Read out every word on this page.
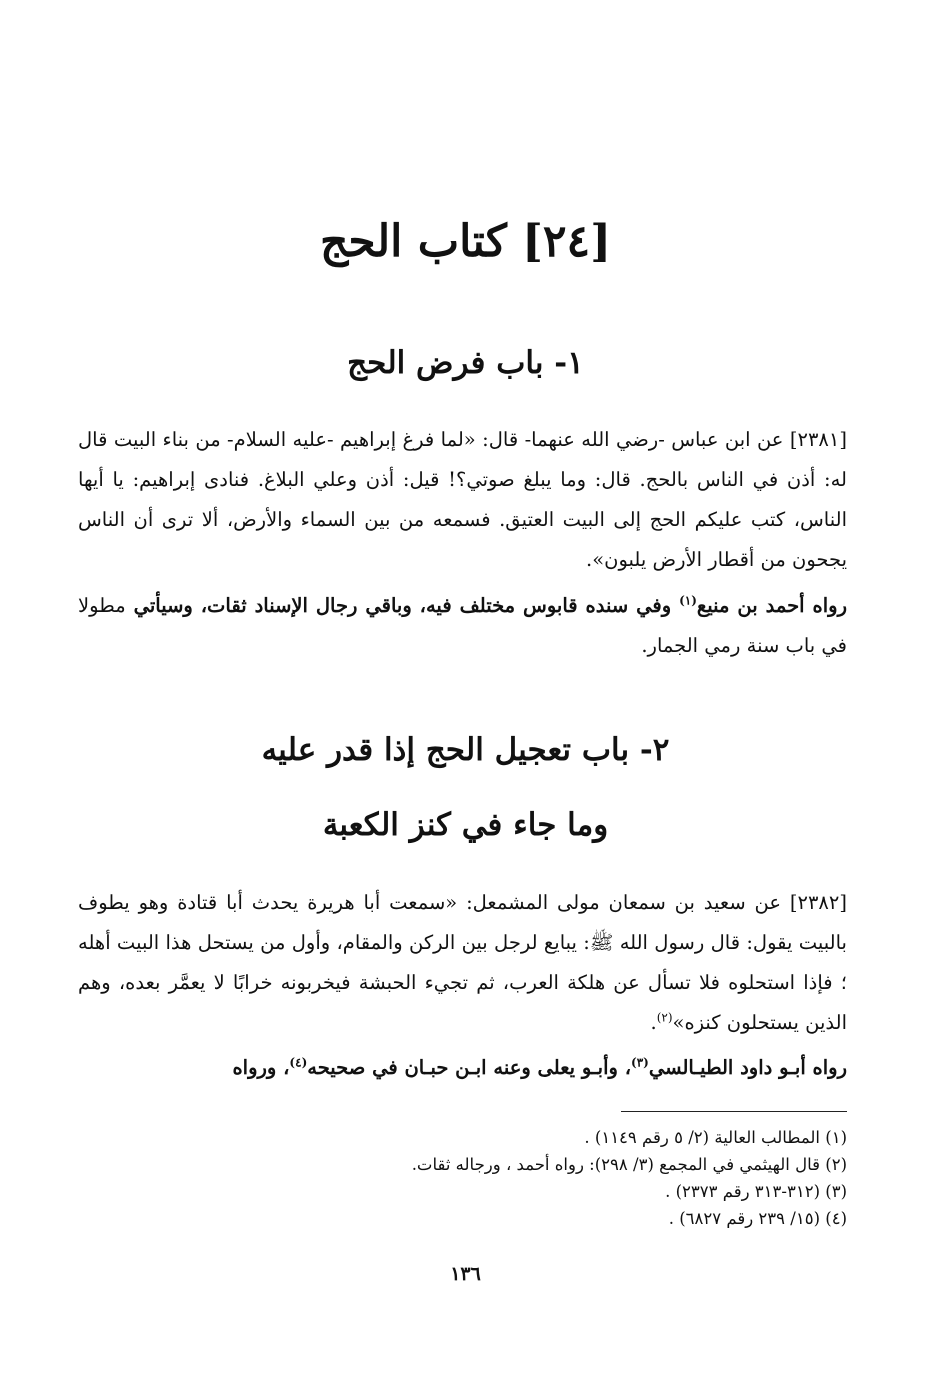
[٢٤] كتاب الحج
١- باب فرض الحج

[٢٣٨١] عن ابن عباس -رضي الله عنهما- قال: «لما فرغ إبراهيم -عليه السلام- من بناء البيت قال له: أذن في الناس بالحج. قال: وما يبلغ صوتي؟! قيل: أذن وعلي البلاغ. فنادى إبراهيم: يا أيها الناس، كتب عليكم الحج إلى البيت العتيق. فسمعه من بين السماء والأرض، ألا ترى أن الناس يجحون من أقطار الأرض يلبون».

رواه أحمد بن منيع$^{(١)}$ وفي سنده قابوس مختلف فيه، وباقي رجال الإسناد ثقات، وسيأتي مطولا في باب سنة رمي الجمار.

٢- باب تعجيل الحج إذا قدر عليه
وما جاء في كنز الكعبة

[٢٣٨٢] عن سعيد بن سمعان مولى المشمعل: «سمعت أبا هريرة يحدث أبا قتادة وهو يطوف بالبيت يقول: قال رسول الله ﷺ: يبايع لرجل بين الركن والمقام، وأول من يستحل هذا البيت أهله ؛ فإذا استحلوه فلا تسأل عن هلكة العرب، ثم تجيء الحبشة فيخربونه خرابًا لا يعمَّر بعده، وهم الذين يستحلون كنزه»$^{(٢)}$.

رواه أبـو داود الطيـالسي$^{(٣)}$، وأبـو يعلى وعنه ابـن حبـان في صحيحه$^{(٤)}$، ورواه

(١) المطالب العالية (٢/ ٥ رقم ١١٤٩) .
(٢) قال الهيثمي في المجمع (٣/ ٢٩٨): رواه أحمد ، ورجاله ثقات.
(٣) (٣١٢-٣١٣ رقم ٢٣٧٣) .
(٤) (١٥/ ٢٣٩ رقم ٦٨٢٧) .
١٣٦
